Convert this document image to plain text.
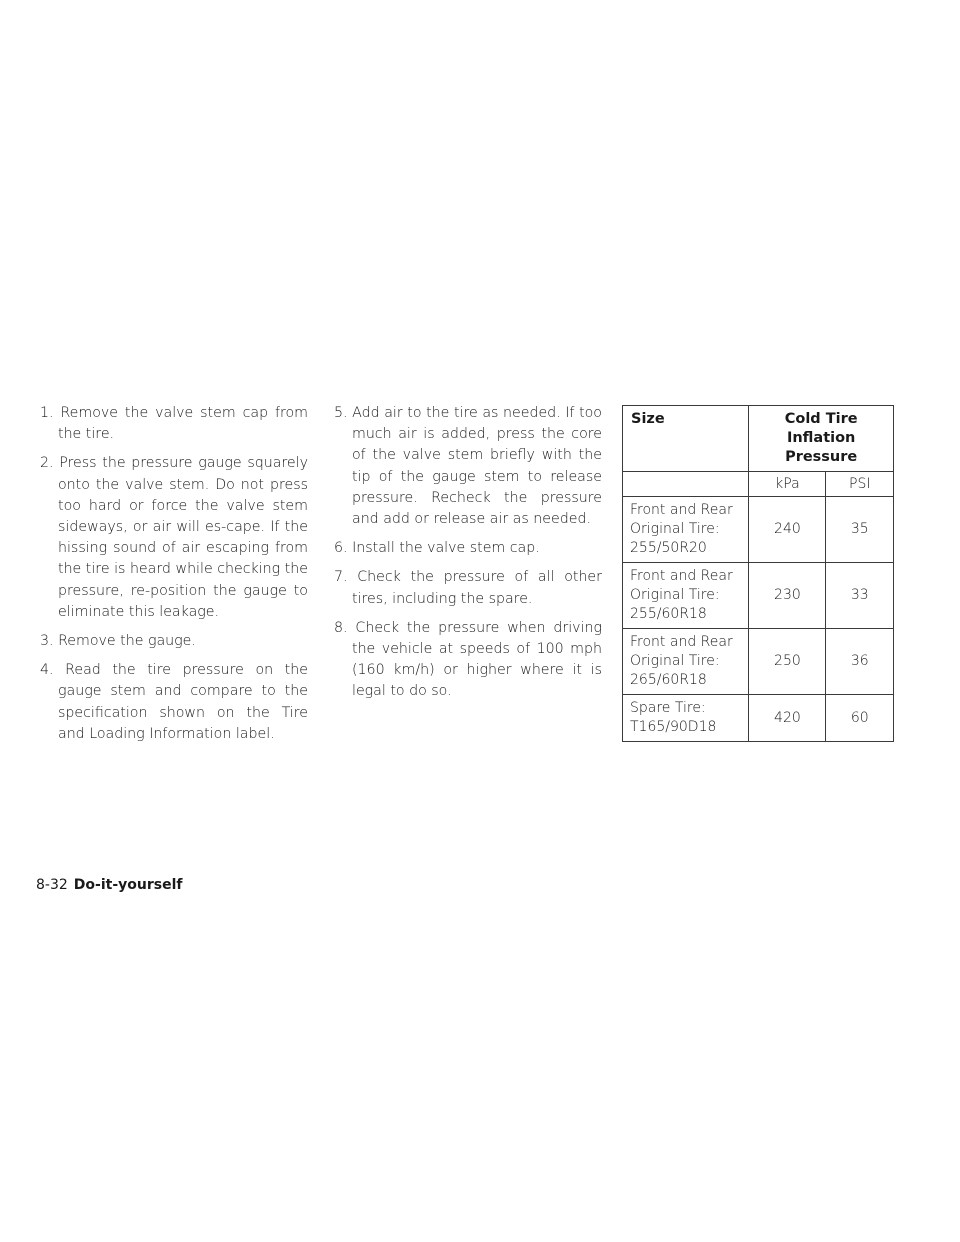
1. Remove the valve stem cap from the tire.

2. Press the pressure gauge squarely onto the valve stem. Do not press too hard or force the valve stem sideways, or air will es-cape. If the hissing sound of air escaping from the tire is heard while checking the pressure, re-position the gauge to eliminate this leakage.

3. Remove the gauge.

4. Read the tire pressure on the gauge stem and compare to the specification shown on the Tire and Loading Information label.

5. Add air to the tire as needed. If too much air is added, press the core of the valve stem briefly with the tip of the gauge stem to release pressure. Recheck the pressure and add or release air as needed.

6. Install the valve stem cap.

7. Check the pressure of all other tires, including the spare.

8. Check the pressure when driving the vehicle at speeds of 100 mph (160 km/h) or higher where it is legal to do so.

Size	Cold Tire Inflation Pressure	
	kPa	PSI
Front and Rear
Original Tire:
255/50R20	240	35
Front and Rear
Original Tire:
255/60R18	230	33
Front and Rear
Original Tire:
265/60R18	250	36
Spare Tire:
T165/90D18	420	60
8-32 Do-it-yourself
